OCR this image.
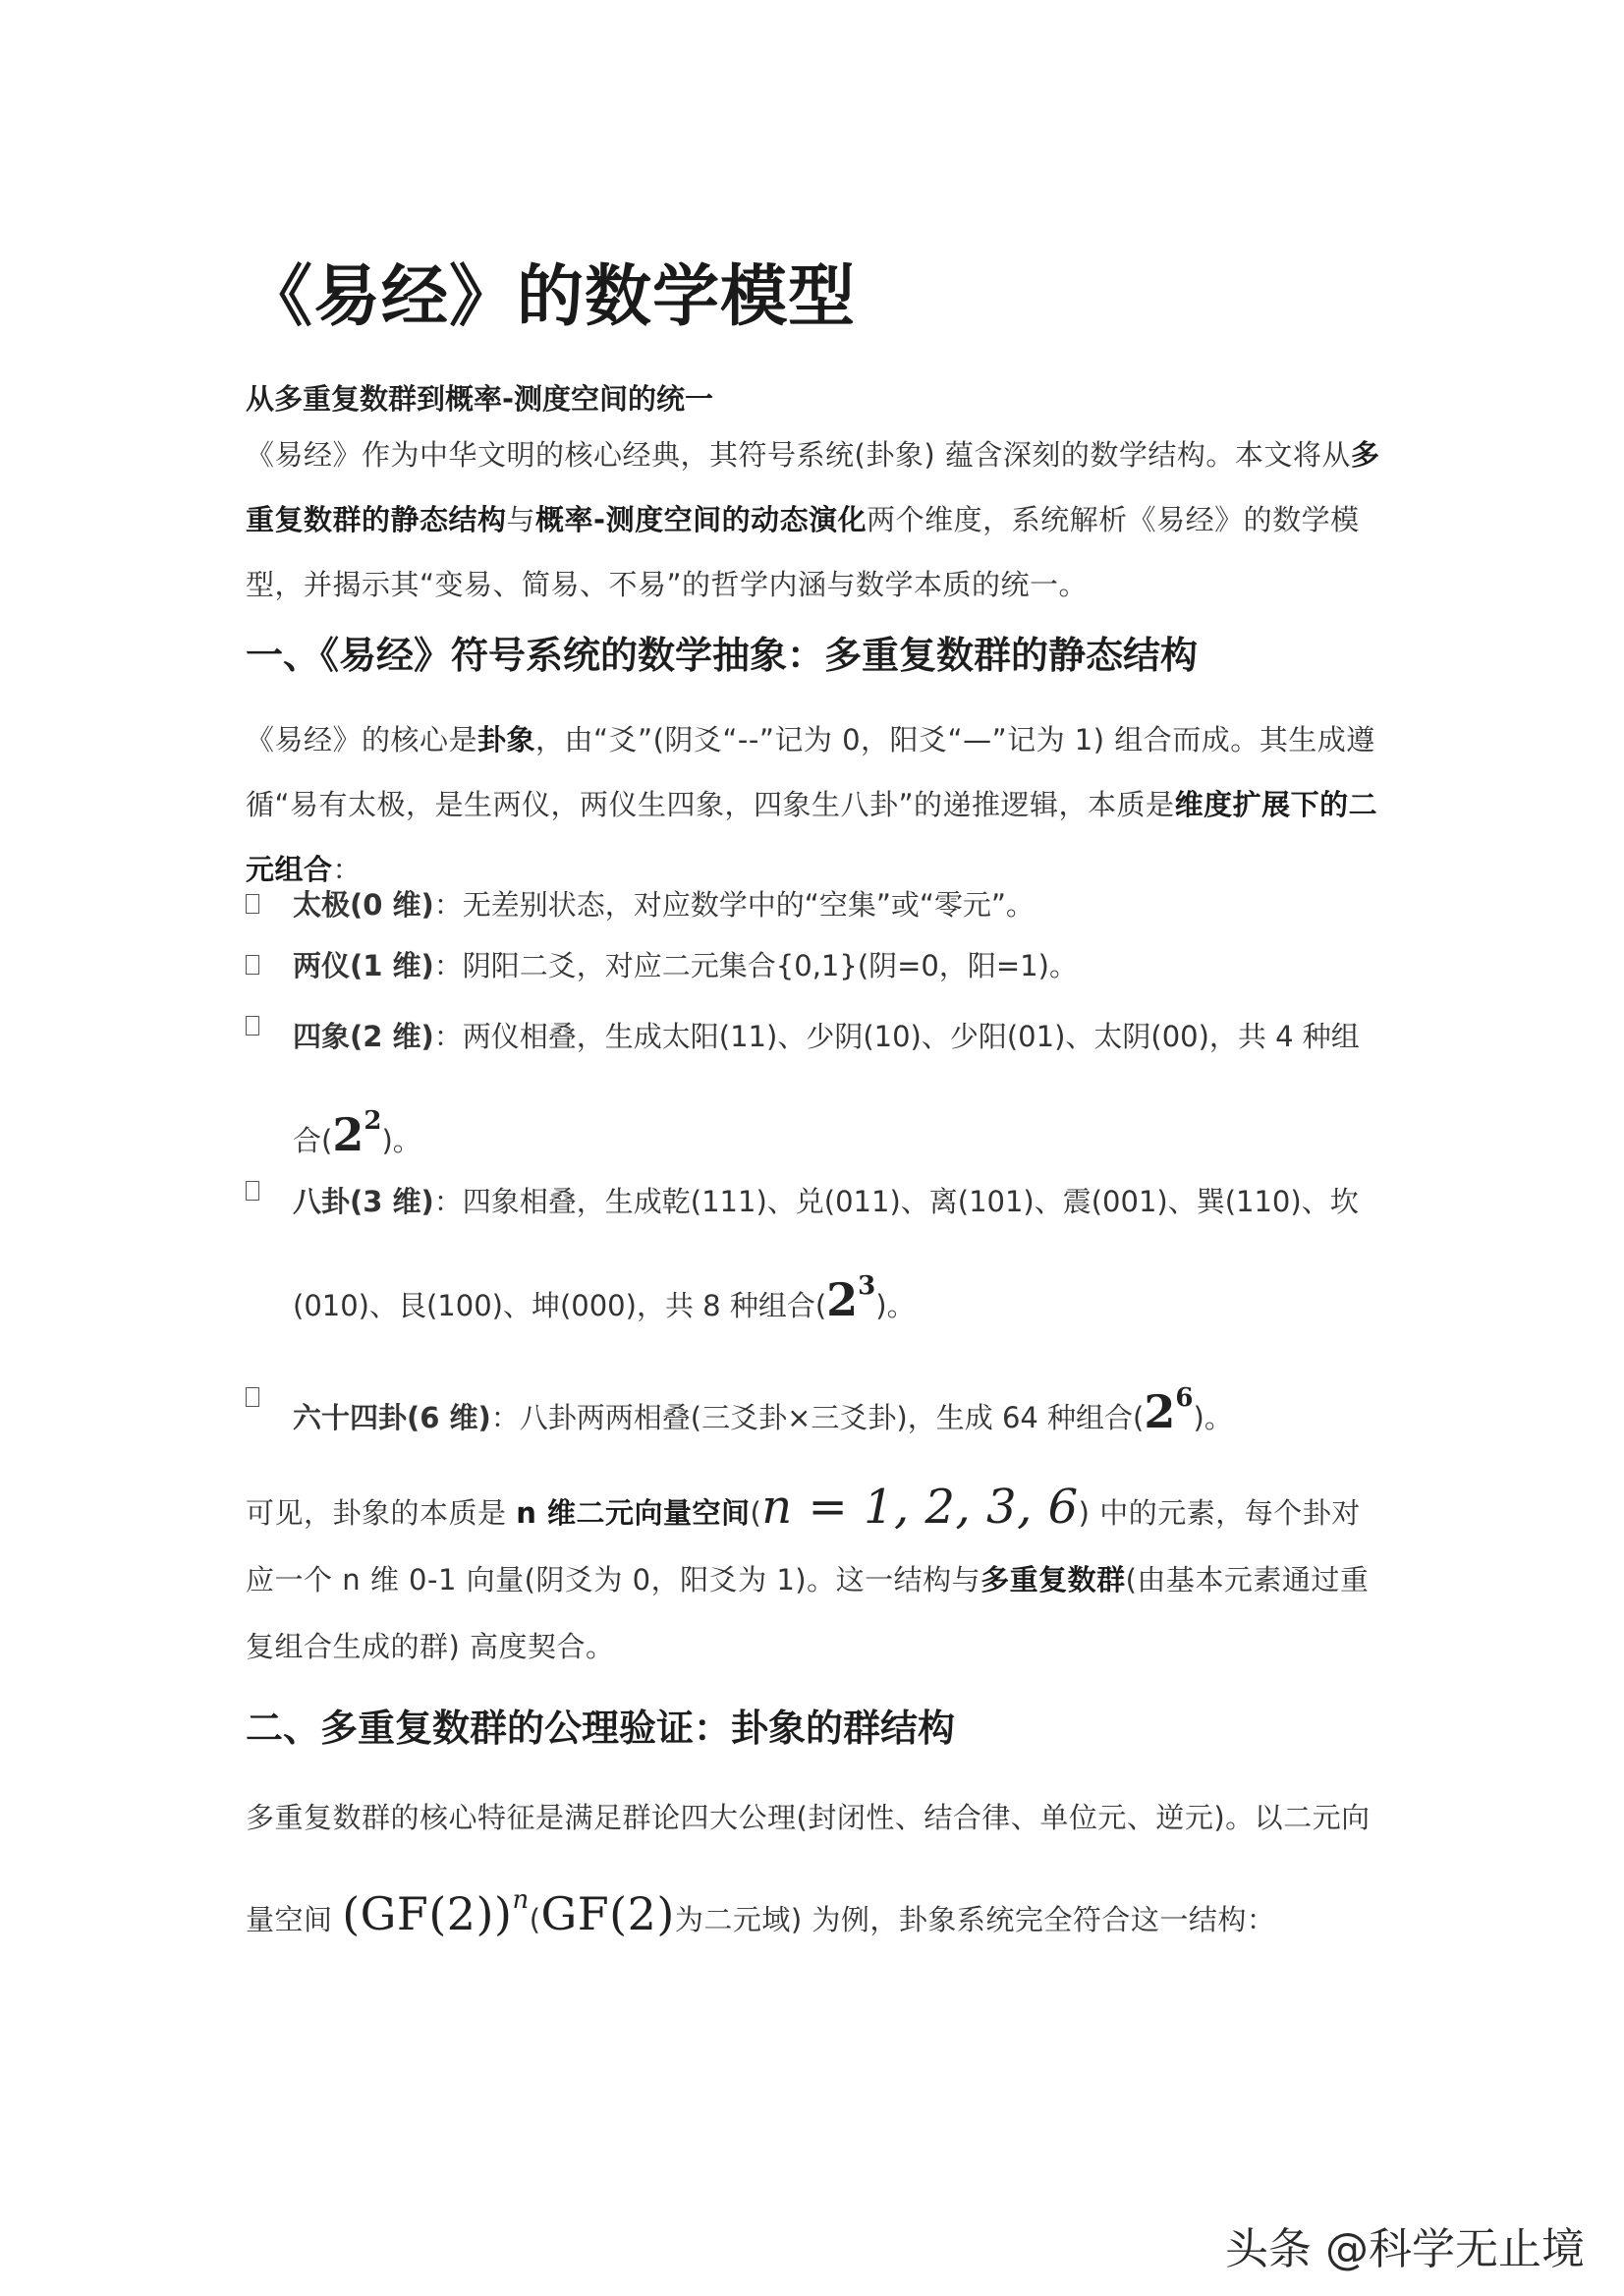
《易经》的数学模型
从多重复数群到概率-测度空间的统一
《易经》作为中华文明的核心经典，其符号系统(卦象) 蕴含深刻的数学结构。本文将从多重复数群的静态结构与概率-测度空间的动态演化两个维度，系统解析《易经》的数学模型，并揭示其“变易、简易、不易”的哲学内涵与数学本质的统一。
一、《易经》符号系统的数学抽象：多重复数群的静态结构
《易经》的核心是卦象，由“爻”(阴爻“--”记为 0，阳爻“—”记为 1) 组合而成。其生成遵循“易有太极，是生两仪，两仪生四象，四象生八卦”的递推逻辑，本质是维度扩展下的二元组合：
太极(0 维)：无差别状态，对应数学中的“空集”或“零元”。
两仪(1 维)：阴阳二爻，对应二元集合{0,1}(阴=0，阳=1)。
四象(2 维)：两仪相叠，生成太阳(11)、少阴(10)、少阳(01)、太阴(00)，共 4 种组合$(2^2)$。
八卦(3 维)：四象相叠，生成乾(111)、兑(011)、离(101)、震(001)、巽(110)、坎(010)、艮(100)、坤(000)，共 8 种组合$(2^3)$。
六十四卦(6 维)：八卦两两相叠(三爻卦×三爻卦)，生成 64 种组合$(2^6)$。
可见，卦象的本质是 n 维二元向量空间(n = 1, 2, 3, 6) 中的元素，每个卦对应一个 n 维 0-1 向量(阴爻为 0，阳爻为 1)。这一结构与多重复数群(由基本元素通过重复组合生成的群) 高度契合。
二、多重复数群的公理验证：卦象的群结构
多重复数群的核心特征是满足群论四大公理(封闭性、结合律、单位元、逆元)。以二元向量空间 $(GF(2))^n(GF(2)$为二元域) 为例，卦象系统完全符合这一结构：
头条 @科学无止境
